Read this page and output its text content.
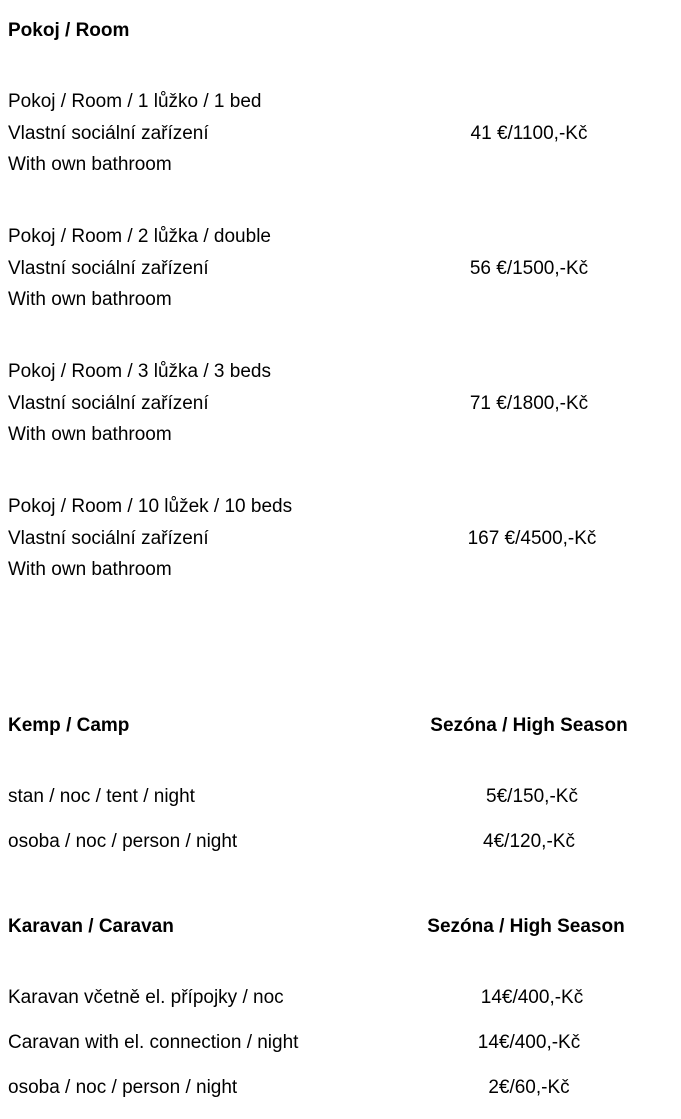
Pokoj / Room
Pokoj / Room / 1 lůžko / 1 bed
Vlastní sociální zařízení
With own bathroom
41 €/1100,-Kč
Pokoj / Room / 2 lůžka / double
Vlastní sociální zařízení
With own bathroom
56 €/1500,-Kč
Pokoj / Room / 3 lůžka / 3 beds
Vlastní sociální zařízení
With own bathroom
71 €/1800,-Kč
Pokoj / Room / 10 lůžek / 10 beds
Vlastní sociální zařízení
With own bathroom
167 €/4500,-Kč
Kemp / Camp	Sezóna / High Season
stan / noc / tent / night	5€/150,-Kč
osoba / noc / person / night	4€/120,-Kč
Karavan / Caravan	Sezóna / High Season
Karavan včetně el. přípojky / noc	14€/400,-Kč
Caravan with el. connection / night	14€/400,-Kč
osoba / noc / person / night	2€/60,-Kč
